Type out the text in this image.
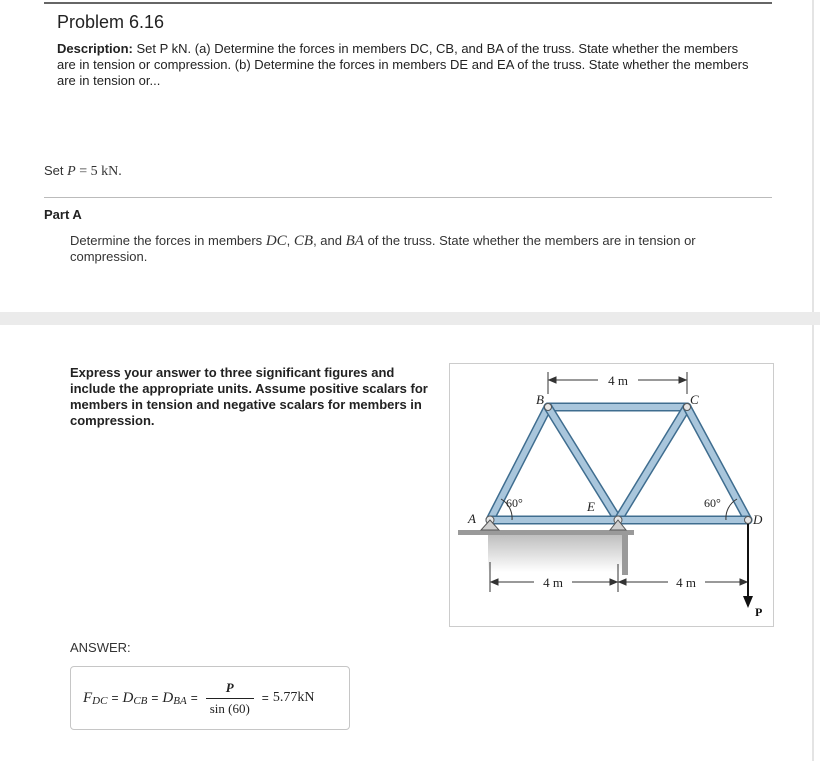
Problem 6.16
Description: Set P kN. (a) Determine the forces in members DC, CB, and BA of the truss. State whether the members are in tension or compression. (b) Determine the forces in members DE and EA of the truss. State whether the members are in tension or...
Set P = 5 kN.
Part A
Determine the forces in members DC, CB, and BA of the truss. State whether the members are in tension or compression.
Express your answer to three significant figures and include the appropriate units. Assume positive scalars for members in tension and negative scalars for members in compression.
4 m
4 m	4 m
P
60°	60°
A
B	C
D
E
ANSWER:
F DC = D CB = D BA = $\frac{P}{\sin (60)} = 5.77kN$
